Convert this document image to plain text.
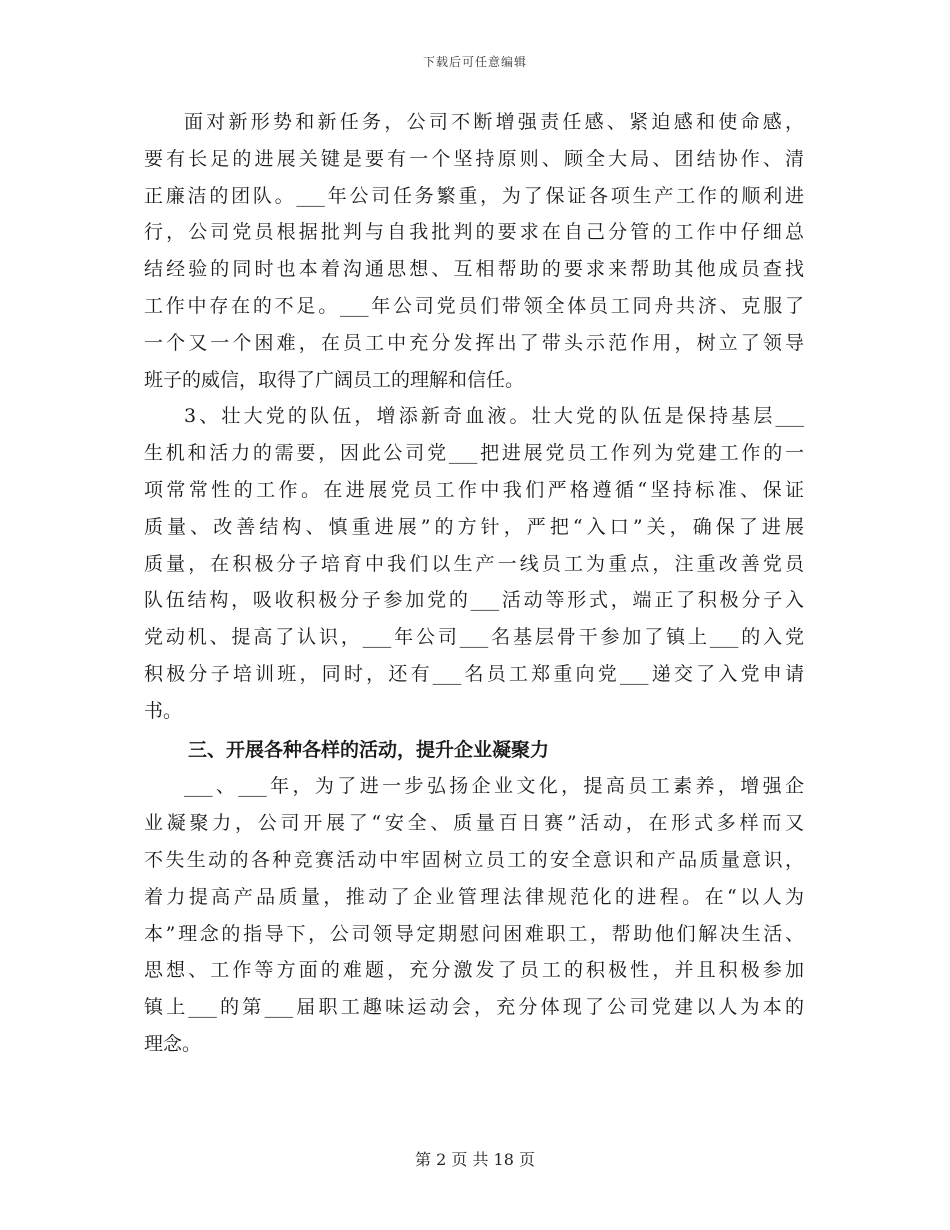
下载后可任意编辑
面对新形势和新任务，公司不断增强责任感、紧迫感和使命感，
要有长足的进展关键是要有一个坚持原则、顾全大局、团结协作、清
正廉洁的团队。___年公司任务繁重，为了保证各项生产工作的顺利进
行，公司党员根据批判与自我批判的要求在自己分管的工作中仔细总
结经验的同时也本着沟通思想、互相帮助的要求来帮助其他成员查找
工作中存在的不足。___年公司党员们带领全体员工同舟共济、克服了
一个又一个困难，在员工中充分发挥出了带头示范作用，树立了领导
班子的威信，取得了广阔员工的理解和信任。
3、壮大党的队伍，增添新奇血液。壮大党的队伍是保持基层___
生机和活力的需要，因此公司党___把进展党员工作列为党建工作的一
项常常性的工作。在进展党员工作中我们严格遵循“坚持标准、保证
质量、改善结构、慎重进展”的方针，严把“入口”关，确保了进展
质量，在积极分子培育中我们以生产一线员工为重点，注重改善党员
队伍结构，吸收积极分子参加党的___活动等形式，端正了积极分子入
党动机、提高了认识，___年公司___名基层骨干参加了镇上___的入党
积极分子培训班，同时，还有___名员工郑重向党___递交了入党申请
书。
三、开展各种各样的活动，提升企业凝聚力
___、___年，为了进一步弘扬企业文化，提高员工素养，增强企
业凝聚力，公司开展了“安全、质量百日赛”活动，在形式多样而又
不失生动的各种竞赛活动中牢固树立员工的安全意识和产品质量意识，
着力提高产品质量，推动了企业管理法律规范化的进程。在“以人为
本”理念的指导下，公司领导定期慰问困难职工，帮助他们解决生活、
思想、工作等方面的难题，充分激发了员工的积极性，并且积极参加
镇上___的第___届职工趣味运动会，充分体现了公司党建以人为本的
理念。
第 2 页 共 18 页
